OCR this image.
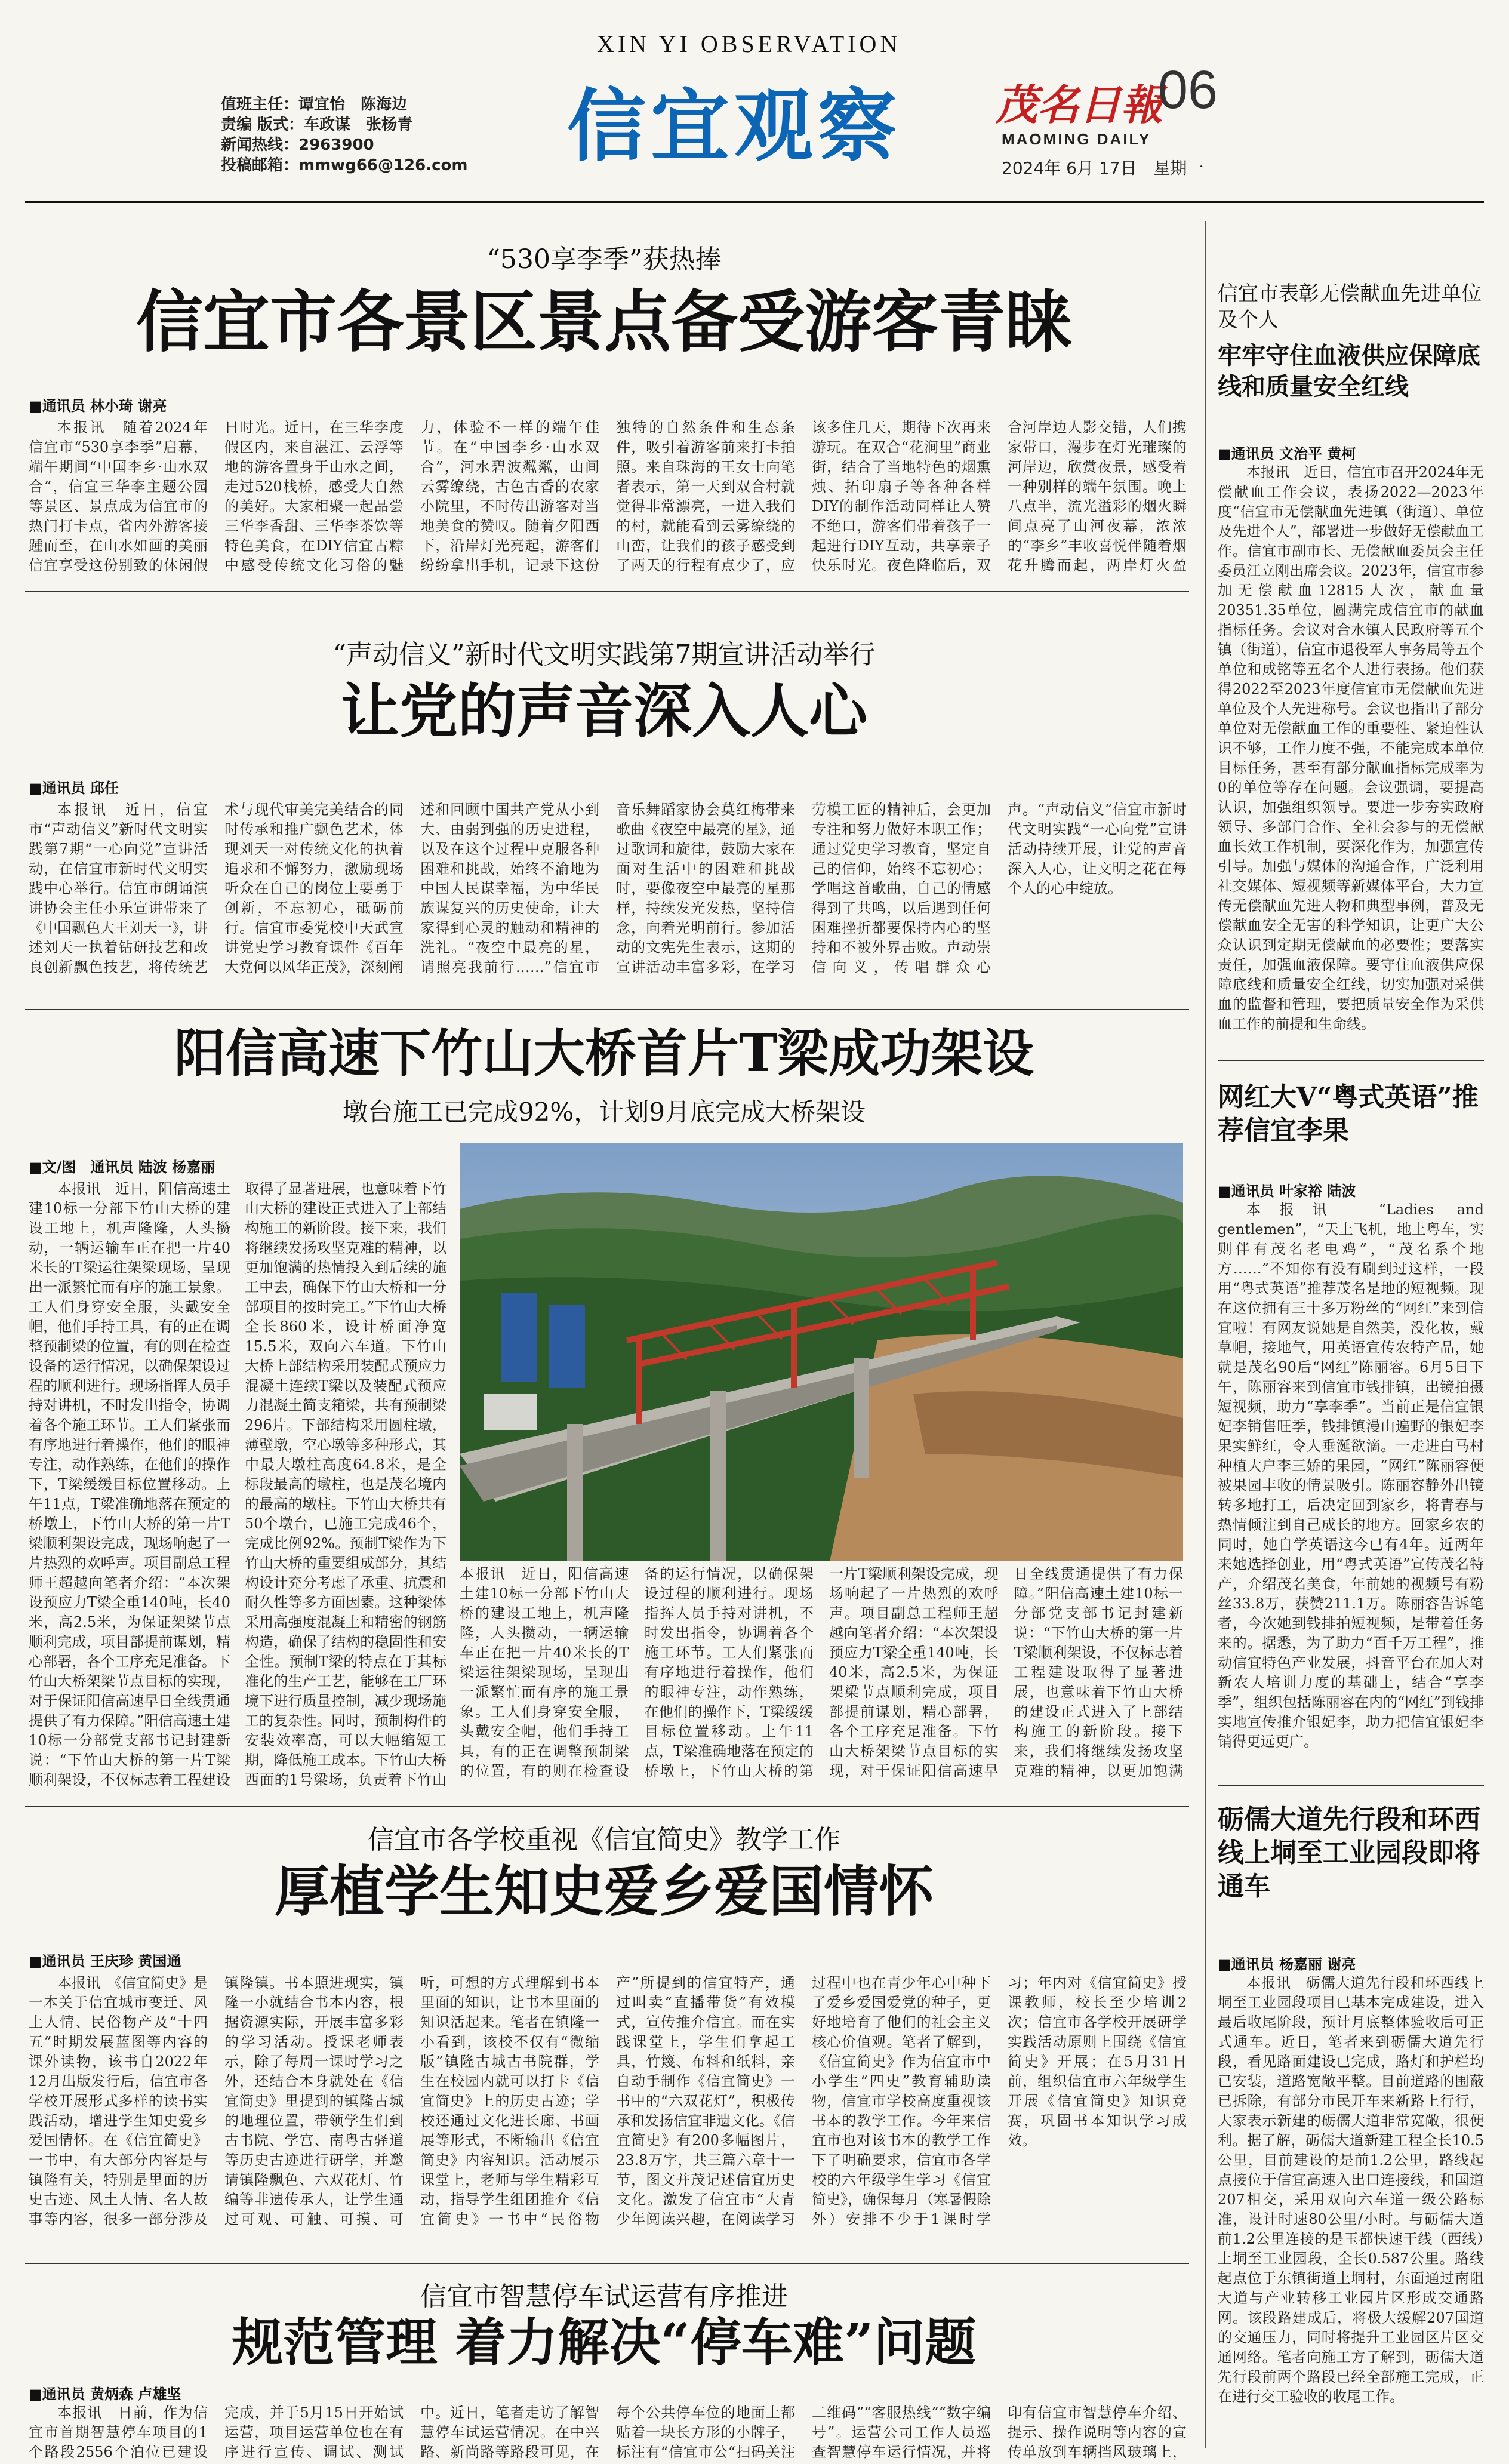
值班主任：谭宜怡　陈海边
责编 版式：车政谋　张杨青
新闻热线：2963900
投稿邮箱：mmwg66@126.com
XIN YI OBSERVATION
信宜观察 茂名日報
06
MAOMING DAILY
2024年 6月 17日　星期一
“530享李季”获热捧
信宜市各景区景点备受游客青睐
■通讯员 林小琦 谢亮

本报讯　随着2024年信宜市“530享李季”启幕，端午期间“中国李乡·山水双合”，信宜三华李主题公园等景区、景点成为信宜市的热门打卡点，省内外游客接踵而至，在山水如画的美丽信宜享受这份别致的休闲假日时光。近日，在三华李度假区内，来自湛江、云浮等地的游客置身于山水之间，走过520栈桥，感受大自然的美好。大家相聚一起品尝三华李香甜、三华李茶饮等特色美食，在DIY信宜古粽中感受传统文化习俗的魅力，体验不一样的端午佳节。在“中国李乡·山水双合”，河水碧波粼粼，山间云雾缭绕，古色古香的农家小院里，不时传出游客对当地美食的赞叹。随着夕阳西下，沿岸灯光亮起，游客们纷纷拿出手机，记录下这份独特的自然条件和生态条件，吸引着游客前来打卡拍照。来自珠海的王女士向笔者表示，第一天到双合村就觉得非常漂亮，一进入我们的村，就能看到云雾缭绕的山峦，让我们的孩子感受到了两天的行程有点少了，应该多住几天，期待下次再来游玩。在双合“花涧里”商业街，结合了当地特色的烟熏烛、拓印扇子等各种各样DIY的制作活动同样让人赞不绝口，游客们带着孩子一起进行DIY互动，共享亲子快乐时光。夜色降临后，双合河岸边人影交错，人们携家带口，漫步在灯光璀璨的河岸边，欣赏夜景，感受着一种别样的端午氛围。晚上八点半，流光溢彩的烟火瞬间点亮了山河夜幕，浓浓的“李乡”丰收喜悦伴随着烟花升腾而起，两岸灯火盈

“声动信义”新时代文明实践第7期宣讲活动举行
让党的声音深入人心
■通讯员 邱任

本报讯　近日，信宜市“声动信义”新时代文明实践第7期“一心向党”宣讲活动，在信宜市新时代文明实践中心举行。信宜市朗诵演讲协会主任小乐宣讲带来了《中国飘色大王刘天一》，讲述刘天一执着钻研技艺和改良创新飘色技艺，将传统艺术与现代审美完美结合的同时传承和推广飘色艺术，体现刘天一对传统文化的执着追求和不懈努力，激励现场听众在自己的岗位上要勇于创新，不忘初心，砥砺前行。信宜市委党校中天武宣讲党史学习教育课件《百年大党何以风华正茂》，深刻阐述和回顾中国共产党从小到大、由弱到强的历史进程，以及在这个过程中克服各种困难和挑战，始终不渝地为中国人民谋幸福，为中华民族谋复兴的历史使命，让大家得到心灵的触动和精神的洗礼。“夜空中最亮的星，请照亮我前行……”信宜市音乐舞蹈家协会莫红梅带来歌曲《夜空中最亮的星》，通过歌词和旋律，鼓励大家在面对生活中的困难和挑战时，要像夜空中最亮的星那样，持续发光发热，坚持信念，向着光明前行。参加活动的文宪先生表示，这期的宣讲活动丰富多彩，在学习劳模工匠的精神后，会更加专注和努力做好本职工作；通过党史学习教育，坚定自己的信仰，始终不忘初心；学唱这首歌曲，自己的情感得到了共鸣，以后遇到任何困难挫折都要保持内心的坚持和不被外界击败。声动崇信向义，传唱群众心声。“声动信义”信宜市新时代文明实践“一心向党”宣讲活动持续开展，让党的声音深入人心，让文明之花在每个人的心中绽放。

阳信高速下竹山大桥首片T梁成功架设
墩台施工已完成92%，计划9月底完成大桥架设
■文/图　通讯员 陆波 杨嘉丽

本报讯　近日，阳信高速土建10标一分部下竹山大桥的建设工地上，机声隆隆，人头攒动，一辆运输车正在把一片40米长的T梁运往架梁现场，呈现出一派繁忙而有序的施工景象。工人们身穿安全服，头戴安全帽，他们手持工具，有的正在调整预制梁的位置，有的则在检查设备的运行情况，以确保架设过程的顺利进行。现场指挥人员手持对讲机，不时发出指令，协调着各个施工环节。工人们紧张而有序地进行着操作，他们的眼神专注，动作熟练，在他们的操作下，T梁缓缓目标位置移动。上午11点，T梁准确地落在预定的桥墩上，下竹山大桥的第一片T梁顺利架设完成，现场响起了一片热烈的欢呼声。项目副总工程师王超越向笔者介绍：“本次架设预应力T梁全重140吨，长40米，高2.5米，为保证架梁节点顺利完成，项目部提前谋划，精心部署，各个工序充足准备。下竹山大桥架梁节点目标的实现，对于保证阳信高速早日全线贯通提供了有力保障。”阳信高速土建10标一分部党支部书记封建新说：“下竹山大桥的第一片T梁顺利架设，不仅标志着工程建设取得了显著进展，也意味着下竹山大桥的建设正式进入了上部结构施工的新阶段。接下来，我们将继续发扬攻坚克难的精神，以更加饱满的热情投入到后续的施工中去，确保下竹山大桥和一分部项目的按时完工。”下竹山大桥全长860米，设计桥面净宽15.5米，双向六车道。下竹山大桥上部结构采用装配式预应力混凝土连续T梁以及装配式预应力混凝土简支箱梁，共有预制梁296片。下部结构采用圆柱墩，薄壁墩，空心墩等多种形式，其中最大墩柱高度64.8米，是全标段最高的墩柱，也是茂名境内的最高的墩柱。下竹山大桥共有50个墩台，已施工完成46个，完成比例92%。预制T梁作为下竹山大桥的重要组成部分，其结构设计充分考虑了承重、抗震和耐久性等多方面因素。这种梁体采用高强度混凝土和精密的钢筋构造，确保了结构的稳固性和安全性。预制T梁的特点在于其标准化的生产工艺，能够在工厂环境下进行质量控制，减少现场施工的复杂性。同时，预制构件的安装效率高，可以大幅缩短工期，降低施工成本。下竹山大桥西面的1号梁场，负责着下竹山

本报讯　近日，阳信高速土建10标一分部下竹山大桥的建设工地上，机声隆隆，人头攒动，一辆运输车正在把一片40米长的T梁运往架梁现场，呈现出一派繁忙而有序的施工景象。工人们身穿安全服，头戴安全帽，他们手持工具，有的正在调整预制梁的位置，有的则在检查设备的运行情况，以确保架设过程的顺利进行。现场指挥人员手持对讲机，不时发出指令，协调着各个施工环节。工人们紧张而有序地进行着操作，他们的眼神专注，动作熟练，在他们的操作下，T梁缓缓目标位置移动。上午11点，T梁准确地落在预定的桥墩上，下竹山大桥的第一片T梁顺利架设完成，现场响起了一片热烈的欢呼声。项目副总工程师王超越向笔者介绍：“本次架设预应力T梁全重140吨，长40米，高2.5米，为保证架梁节点顺利完成，项目部提前谋划，精心部署，各个工序充足准备。下竹山大桥架梁节点目标的实现，对于保证阳信高速早日全线贯通提供了有力保障。”阳信高速土建10标一分部党支部书记封建新说：“下竹山大桥的第一片T梁顺利架设，不仅标志着工程建设取得了显著进展，也意味着下竹山大桥的建设正式进入了上部结构施工的新阶段。接下来，我们将继续发扬攻坚克难的精神，以更加饱满

信宜市各学校重视《信宜简史》教学工作
厚植学生知史爱乡爱国情怀
■通讯员 王庆珍 黄国通

本报讯　《信宜简史》是一本关于信宜城市变迁、风土人情、民俗物产及“十四五”时期发展蓝图等内容的课外读物，该书自2022年12月出版发行后，信宜市各学校开展形式多样的读书实践活动，增进学生知史爱乡爱国情怀。在《信宜简史》一书中，有大部分内容是与镇隆有关，特别是里面的历史古迹、风土人情、名人故事等内容，很多一部分涉及镇隆镇。书本照进现实，镇隆一小就结合书本内容，根据资源实际，开展丰富多彩的学习活动。授课老师表示，除了每周一课时学习之外，还结合本身就处在《信宜简史》里提到的镇隆古城的地理位置，带领学生们到古书院、学宫、南粤古驿道等历史古迹进行研学，并邀请镇隆飘色、六双花灯、竹编等非遗传承人，让学生通过可观、可触、可摸、可听，可想的方式理解到书本里面的知识，让书本里面的知识活起来。笔者在镇隆一小看到，该校不仅有“微缩版”镇隆古城古书院群，学生在校园内就可以打卡《信宜简史》上的历史古迹；学校还通过文化进长廊、书画展等形式，不断输出《信宜简史》内容知识。活动展示课堂上，老师与学生精彩互动，指导学生组团推介《信宜简史》一书中“民俗物产”所提到的信宜特产，通过叫卖“直播带货”有效模式，宣传推介信宜。而在实践课堂上，学生们拿起工具，竹篾、布料和纸料，亲自动手制作《信宜简史》一书中的“六双花灯”，积极传承和发扬信宜非遗文化。《信宜简史》有200多幅图片，23.8万字，共三篇六章十一节，图文并茂记述信宜历史文化。激发了信宜市“大青少年阅读兴趣，在阅读学习过程中也在青少年心中种下了爱乡爱国爱党的种子，更好地培育了他们的社会主义核心价值观。笔者了解到，《信宜简史》作为信宜市中小学生“四史”教育辅助读物，信宜市学校高度重视该书本的教学工作。今年来信宜市也对该书本的教学工作下了明确要求，信宜市各学校的六年级学生学习《信宜简史》，确保每月（寒暑假除外）安排不少于1课时学习；年内对《信宜简史》授课教师，校长至少培训2次；信宜市各学校开展研学实践活动原则上围绕《信宜简史》开展；在5月31日前，组织信宜市六年级学生开展《信宜简史》知识竞赛，巩固书本知识学习成效。

信宜市智慧停车试运营有序推进
规范管理 着力解决“停车难”问题
■通讯员 黄炳森 卢雄坚

本报讯　日前，作为信宜市首期智慧停车项目的1个路段2556个泊位已建设完成，并于5月15日开始试运营，项目运营单位也在有序进行宣传、调试、测试中。近日，笔者走访了解智慧停车试运营情况。在中兴路、新尚路等路段可见，在每个公共停车位的地面上都贴着一块长方形的小牌子，标注有“信宜市公“扫码关注二维码”“客服热线”“数字编号”。运营公司工作人员巡查智慧停车运行情况，并将印有信宜市智慧停车介绍、提示、操作说明等内容的宣传单放到车辆挡风玻璃上，

信宜市表彰无偿献血先进单位及个人
牢牢守住血液供应保障底线和质量安全红线
■通讯员 文治平 黄柯

本报讯　近日，信宜市召开2024年无偿献血工作会议，表扬2022—2023年度“信宜市无偿献血先进镇（街道）、单位及先进个人”，部署进一步做好无偿献血工作。信宜市副市长、无偿献血委员会主任委员江立刚出席会议。2023年，信宜市参加无偿献血12815人次，献血量20351.35单位，圆满完成信宜市的献血指标任务。会议对合水镇人民政府等五个镇（街道），信宜市退役军人事务局等五个单位和成铭等五名个人进行表扬。他们获得2022至2023年度信宜市无偿献血先进单位及个人先进称号。会议也指出了部分单位对无偿献血工作的重要性、紧迫性认识不够，工作力度不强，不能完成本单位目标任务，甚至有部分献血指标完成率为0的单位等存在问题。会议强调，要提高认识，加强组织领导。要进一步夯实政府领导、多部门合作、全社会参与的无偿献血长效工作机制，要深化作为，加强宣传引导。加强与媒体的沟通合作，广泛利用社交媒体、短视频等新媒体平台，大力宣传无偿献血先进人物和典型事例，普及无偿献血安全无害的科学知识，让更广大公众认识到定期无偿献血的必要性；要落实责任，加强血液保障。要守住血液供应保障底线和质量安全红线，切实加强对采供血的监督和管理，要把质量安全作为采供血工作的前提和生命线。

网红大V“粤式英语”推荐信宜李果
■通讯员 叶家裕 陆波

本报讯　“Ladies and gentlemen”，“天上飞机，地上粤车，实则伴有茂名老电鸡”，“茂名系个地方……”不知你有没有刷到过这样，一段用“粤式英语”推荐茂名是地的短视频。现在这位拥有三十多万粉丝的“网红”来到信宜啦！有网友说她是自然美，没化妆，戴草帽，接地气，用英语宣传农特产品，她就是茂名90后“网红”陈丽容。6月5日下午，陈丽容来到信宜市钱排镇，出镜拍摄短视频，助力“享李季”。当前正是信宜银妃李销售旺季，钱排镇漫山遍野的银妃李果实鲜红，令人垂涎欲滴。一走进白马村种植大户李三娇的果园，“网红”陈丽容便被果园丰收的情景吸引。陈丽容静外出镜转多地打工，后决定回到家乡，将青春与热情倾注到自己成长的地方。回家乡农的同时，她自学英语这今已有4年。近两年来她选择创业，用“粤式英语”宣传茂名特产，介绍茂名美食，年前她的视频号有粉丝33.8万，获赞211.1万。陈丽容告诉笔者，今次她到钱排拍短视频，是带着任务来的。据悉，为了助力“百千万工程”，推动信宜特色产业发展，抖音平台在加大对新农人培训力度的基础上，结合“享李季”，组织包括陈丽容在内的“网红”到钱排实地宣传推介银妃李，助力把信宜银妃李销得更远更广。

砺儒大道先行段和环西线上垌至工业园段即将通车
■通讯员 杨嘉丽 谢亮

本报讯　砺儒大道先行段和环西线上垌至工业园段项目已基本完成建设，进入最后收尾阶段，预计月底整体验收后可正式通车。近日，笔者来到砺儒大道先行段，看见路面建设已完成，路灯和护栏均已安装，道路宽敞平整。目前道路的围蔽已拆除，有部分市民开车来新路上行行，大家表示新建的砺儒大道非常宽敞，很便利。据了解，砺儒大道新建工程全长10.5公里，目前建设的是前1.2公里，路线起点接位于信宜高速入出口连接线，和国道207相交，采用双向六车道一级公路标准，设计时速80公里/小时。与砺儒大道前1.2公里连接的是玉都快速干线（西线）上垌至工业园段，全长0.587公里。路线起点位于东镇街道上垌村，东面通过南阻大道与产业转移工业园片区形成交通路网。该段路建成后，将极大缓解207国道的交通压力，同时将提升工业园区片区交通网络。笔者向施工方了解到，砺儒大道先行段前两个路段已经全部施工完成，正在进行交工验收的收尾工作。
